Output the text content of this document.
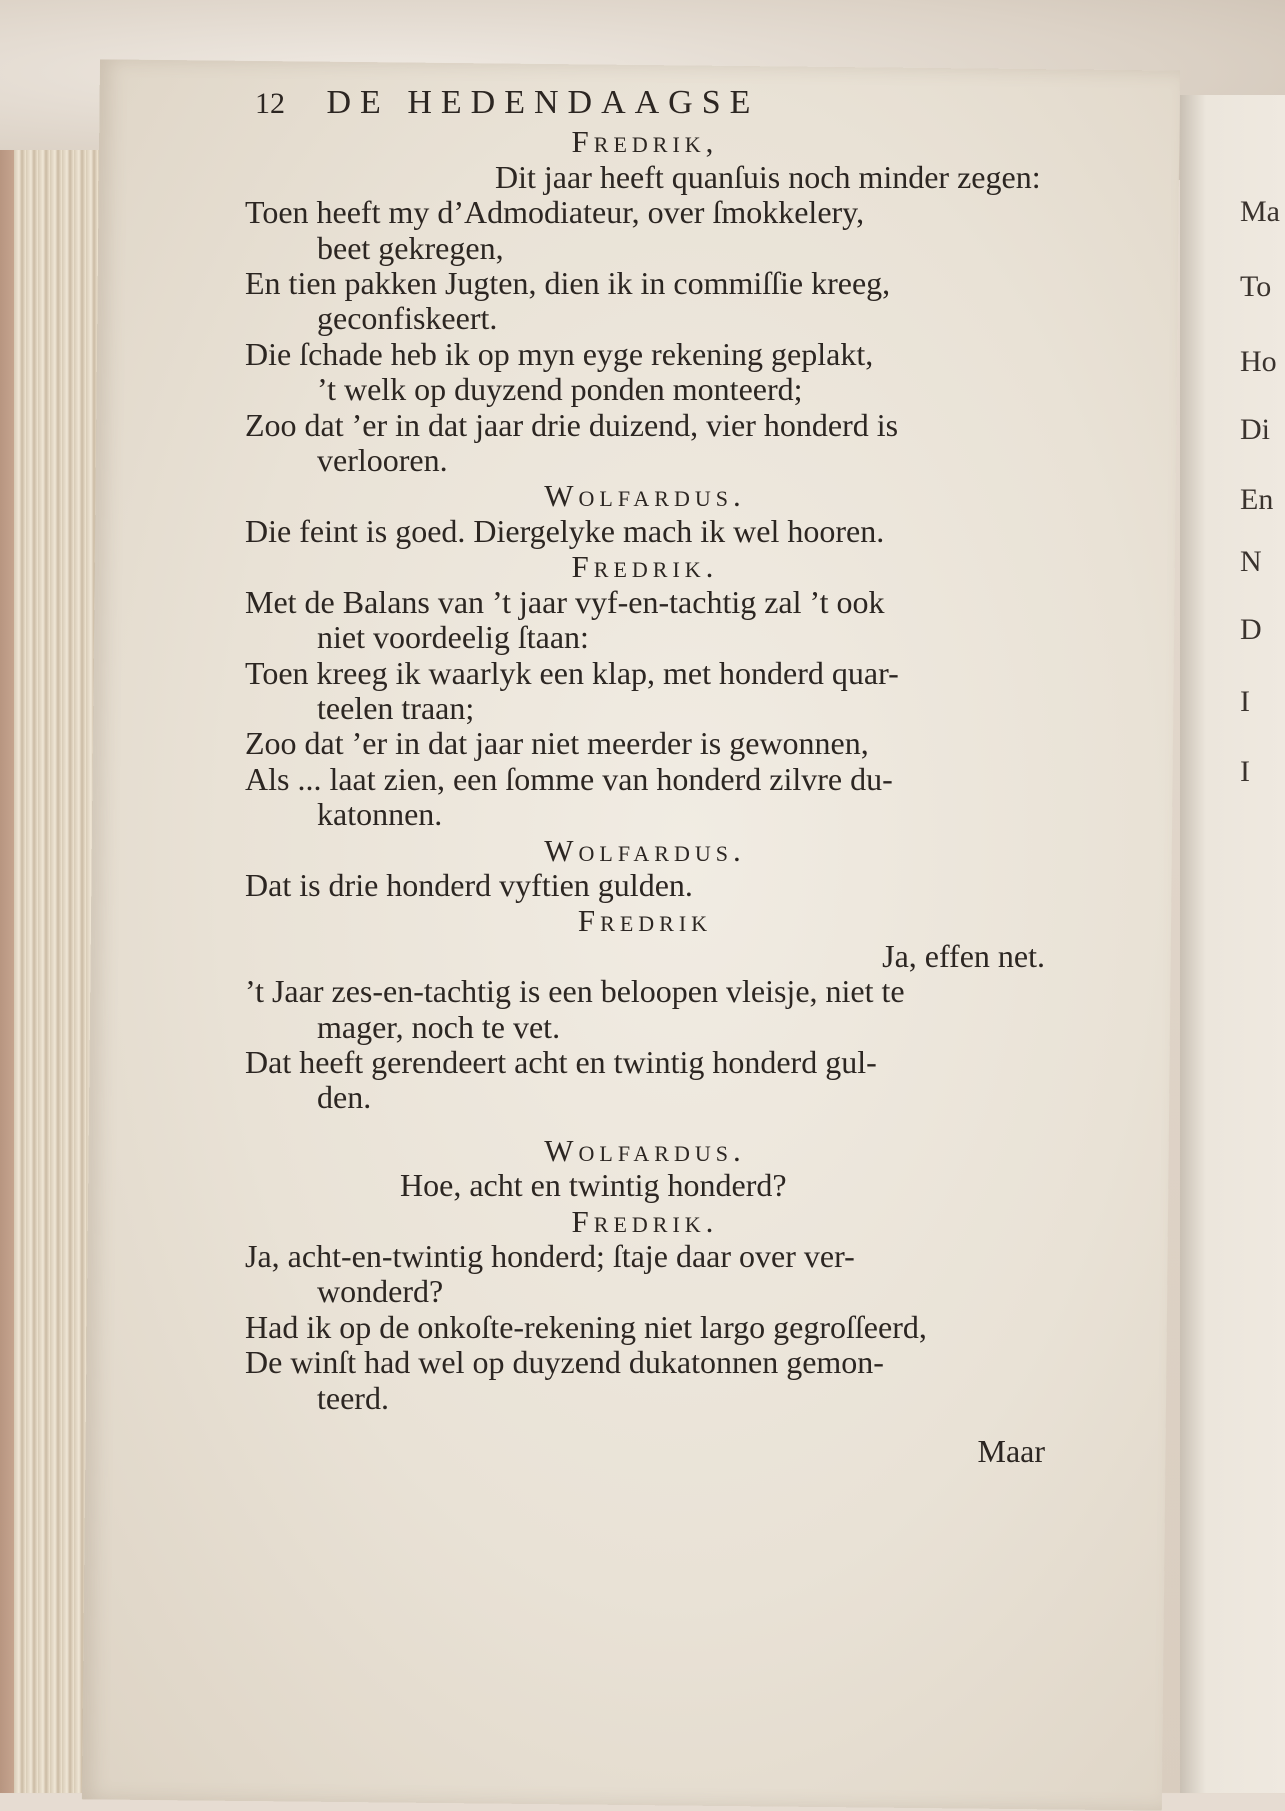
Ma
To
Ho
Di
En
N
D
I
I
12 DE HEDENDAAGSE
Fredrik,
Dit jaar heeft quanſuis noch minder zegen:
Toen heeft my d’Admodiateur, over ſmokkelery,
beet gekregen,
En tien pakken Jugten, dien ik in commiſſie kreeg,
geconfiskeert.
Die ſchade heb ik op myn eyge rekening geplakt,
’t welk op duyzend ponden monteerd;
Zoo dat ’er in dat jaar drie duizend, vier honderd is
verlooren.
Wolfardus.
Die feint is goed. Diergelyke mach ik wel hooren.
Fredrik.
Met de Balans van ’t jaar vyf-en-tachtig zal ’t ook
niet voordeelig ſtaan:
Toen kreeg ik waarlyk een klap, met honderd quar-
teelen traan;
Zoo dat ’er in dat jaar niet meerder is gewonnen,
Als ... laat zien, een ſomme van honderd zilvre du-
katonnen.
Wolfardus.
Dat is drie honderd vyftien gulden.
Fredrik
Ja, effen net.
’t Jaar zes-en-tachtig is een beloopen vleisje, niet te
mager, noch te vet.
Dat heeft gerendeert acht en twintig honderd gul-
den.
Wolfardus.
Hoe, acht en twintig honderd?
Fredrik.
Ja, acht-en-twintig honderd; ſtaje daar over ver-
wonderd?
Had ik op de onkoſte-rekening niet largo gegroſſeerd,
De winſt had wel op duyzend dukatonnen gemon-
teerd.
Maar
